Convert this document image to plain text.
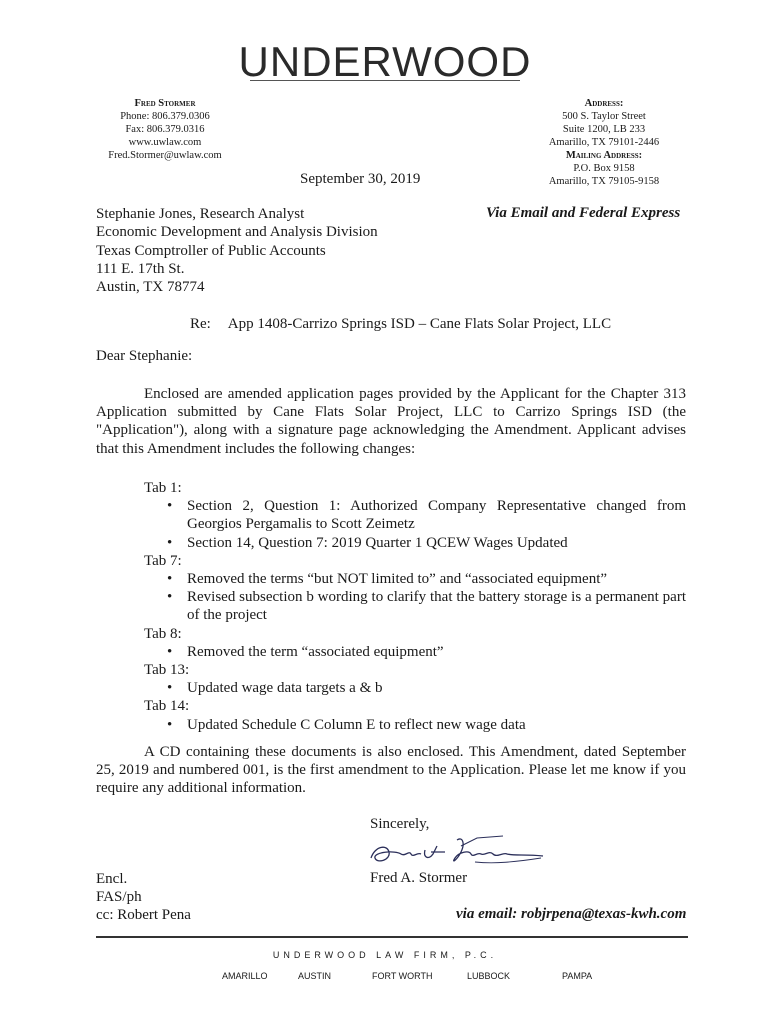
UNDERWOOD
Fred Stormer
Phone: 806.379.0306
Fax: 806.379.0316
www.uwlaw.com
Fred.Stormer@uwlaw.com
Address:
500 S. Taylor Street
Suite 1200, LB 233
Amarillo, TX 79101-2446
Mailing Address:
P.O. Box 9158
Amarillo, TX 79105-9158
September 30, 2019
Stephanie Jones, Research Analyst
Economic Development and Analysis Division
Texas Comptroller of Public Accounts
111 E. 17th St.
Austin, TX 78774
Via Email and Federal Express
Re: App 1408-Carrizo Springs ISD – Cane Flats Solar Project, LLC
Dear Stephanie:
Enclosed are amended application pages provided by the Applicant for the Chapter 313 Application submitted by Cane Flats Solar Project, LLC to Carrizo Springs ISD (the "Application"), along with a signature page acknowledging the Amendment. Applicant advises that this Amendment includes the following changes:
Tab 1:
• Section 2, Question 1: Authorized Company Representative changed from Georgios Pergamalis to Scott Zeimetz
• Section 14, Question 7: 2019 Quarter 1 QCEW Wages Updated
Tab 7:
• Removed the terms “but NOT limited to” and “associated equipment”
• Revised subsection b wording to clarify that the battery storage is a permanent part of the project
Tab 8:
• Removed the term “associated equipment”
Tab 13:
• Updated wage data targets a & b
Tab 14:
• Updated Schedule C Column E to reflect new wage data
A CD containing these documents is also enclosed. This Amendment, dated September 25, 2019 and numbered 001, is the first amendment to the Application. Please let me know if you require any additional information.
Sincerely,
Fred A. Stormer
Encl.
FAS/ph
cc: Robert Pena	via email: robjrpena@texas-kwh.com
UNDERWOOD LAW FIRM, P.C.
AMARILLO	AUSTIN	FORT WORTH	LUBBOCK	PAMPA
